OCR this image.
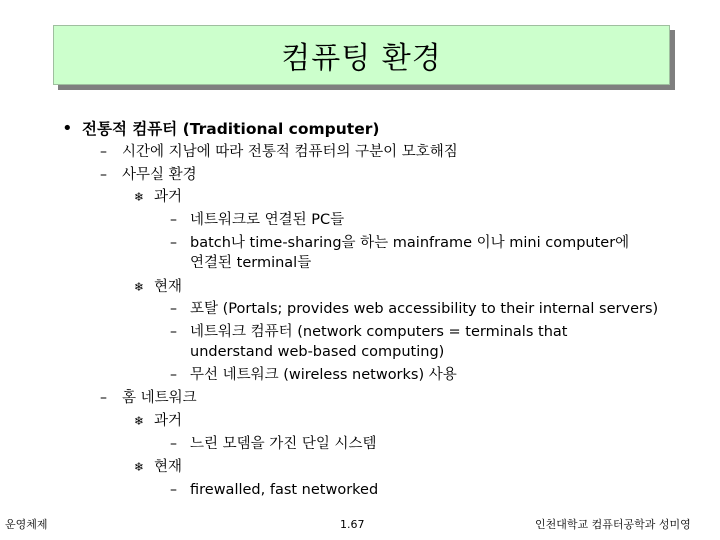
컴퓨팅 환경
• 전통적 컴퓨터 (Traditional computer)
– 시간에 지남에 따라 전통적 컴퓨터의 구분이 모호해짐
– 사무실 환경
❄ 과거
– 네트워크로 연결된 PC들
– batch나 time-sharing을 하는 mainframe 이나 mini computer에
연결된 terminal들
❄ 현재
– 포탈 (Portals; provides web accessibility to their internal servers)
– 네트워크 컴퓨터 (network computers = terminals that
understand web-based computing)
– 무선 네트워크 (wireless networks) 사용
– 홈 네트워크
❄ 과거
– 느린 모뎀을 가진 단일 시스템
❄ 현재
– firewalled, fast networked
운영체제	1.67	인천대학교 컴퓨터공학과 성미영
